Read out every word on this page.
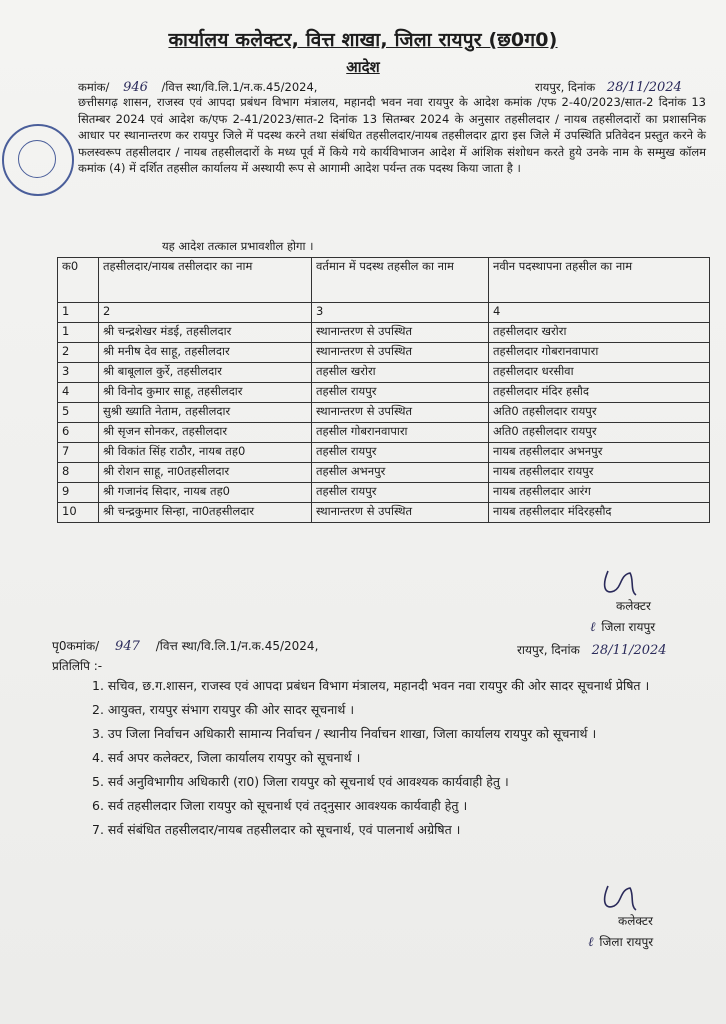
कार्यालय कलेक्टर, वित्त शाखा, जिला रायपुर (छ0ग0)
आदेश
कमांक/ 946 /वित्त स्था/वि.लि.1/न.क.45/2024,	रायपुर, दिनांक 28/11/2024
छत्तीसगढ़ शासन, राजस्व एवं आपदा प्रबंधन विभाग मंत्रालय, महानदी भवन नवा रायपुर के आदेश कमांक /एफ 2-40/2023/सात-2 दिनांक 13 सितम्बर 2024 एवं आदेश क/एफ 2-41/2023/सात-2 दिनांक 13 सितम्बर 2024 के अनुसार तहसीलदार / नायब तहसीलदारों का प्रशासनिक आधार पर स्थानान्तरण कर रायपुर जिले में पदस्थ करने तथा संबंधित तहसीलदार/नायब तहसीलदार द्वारा इस जिले में उपस्थिति प्रतिवेदन प्रस्तुत करने के फलस्वरूप तहसीलदार / नायब तहसीलदारों के मध्य पूर्व में किये गये कार्यविभाजन आदेश में आंशिक संशोधन करते हुये उनके नाम के सम्मुख कॉलम कमांक (4) में दर्शित तहसील कार्यालय में अस्थायी रूप से आगामी आदेश पर्यन्त तक पदस्थ किया जाता है ।
यह आदेश तत्काल प्रभावशील होगा ।
क0	तहसीलदार/नायब तसीलदार का नाम	वर्तमान में पदस्थ तहसील का नाम	नवीन पदस्थापना तहसील का नाम
1	2	3	4
1	श्री चन्द्रशेखर मंडई, तहसीलदार	स्थानान्तरण से उपस्थित	तहसीलदार खरोरा
2	श्री मनीष देव साहू, तहसीलदार	स्थानान्तरण से उपस्थित	तहसीलदार गोबरानवापारा
3	श्री बाबूलाल कुर्रे, तहसीलदार	तहसील खरोरा	तहसीलदार धरसीवा
4	श्री विनोद कुमार साहू, तहसीलदार	तहसील रायपुर	तहसीलदार मंदिर हसौद
5	सुश्री ख्याति नेताम, तहसीलदार	स्थानान्तरण से उपस्थित	अति0 तहसीलदार रायपुर
6	श्री सृजन सोनकर, तहसीलदार	तहसील गोबरानवापारा	अति0 तहसीलदार रायपुर
7	श्री विकांत सिंह राठौर, नायब तह0	तहसील रायपुर	नायब तहसीलदार अभनपुर
8	श्री रोशन साहू, ना0तहसीलदार	तहसील अभनपुर	नायब तहसीलदार रायपुर
9	श्री गजानंद सिदार, नायब तह0	तहसील रायपुर	नायब तहसीलदार आरंग
10	श्री चन्द्रकुमार सिन्हा, ना0तहसीलदार	स्थानान्तरण से उपस्थित	नायब तहसीलदार मंदिरहसौद
कलेक्टर
ℓ जिला रायपुर
पृ0कमांक/ 947 /वित्त स्था/वि.लि.1/न.क.45/2024,	रायपुर, दिनांक 28/11/2024
प्रतिलिपि :-
1. सचिव, छ.ग.शासन, राजस्व एवं आपदा प्रबंधन विभाग मंत्रालय, महानदी भवन नवा रायपुर की ओर सादर सूचनार्थ प्रेषित ।
2. आयुक्त, रायपुर संभाग रायपुर की ओर सादर सूचनार्थ ।
3. उप जिला निर्वाचन अधिकारी सामान्य निर्वाचन / स्थानीय निर्वाचन शाखा, जिला कार्यालय रायपुर को सूचनार्थ ।
4. सर्व अपर कलेक्टर, जिला कार्यालय रायपुर को सूचनार्थ ।
5. सर्व अनुविभागीय अधिकारी (रा0) जिला रायपुर को सूचनार्थ एवं आवश्यक कार्यवाही हेतु ।
6. सर्व तहसीलदार जिला रायपुर को सूचनार्थ एवं तद्नुसार आवश्यक कार्यवाही हेतु ।
7. सर्व संबंधित तहसीलदार/नायब तहसीलदार को सूचनार्थ, एवं पालनार्थ अग्रेषित ।
कलेक्टर
ℓ जिला रायपुर
